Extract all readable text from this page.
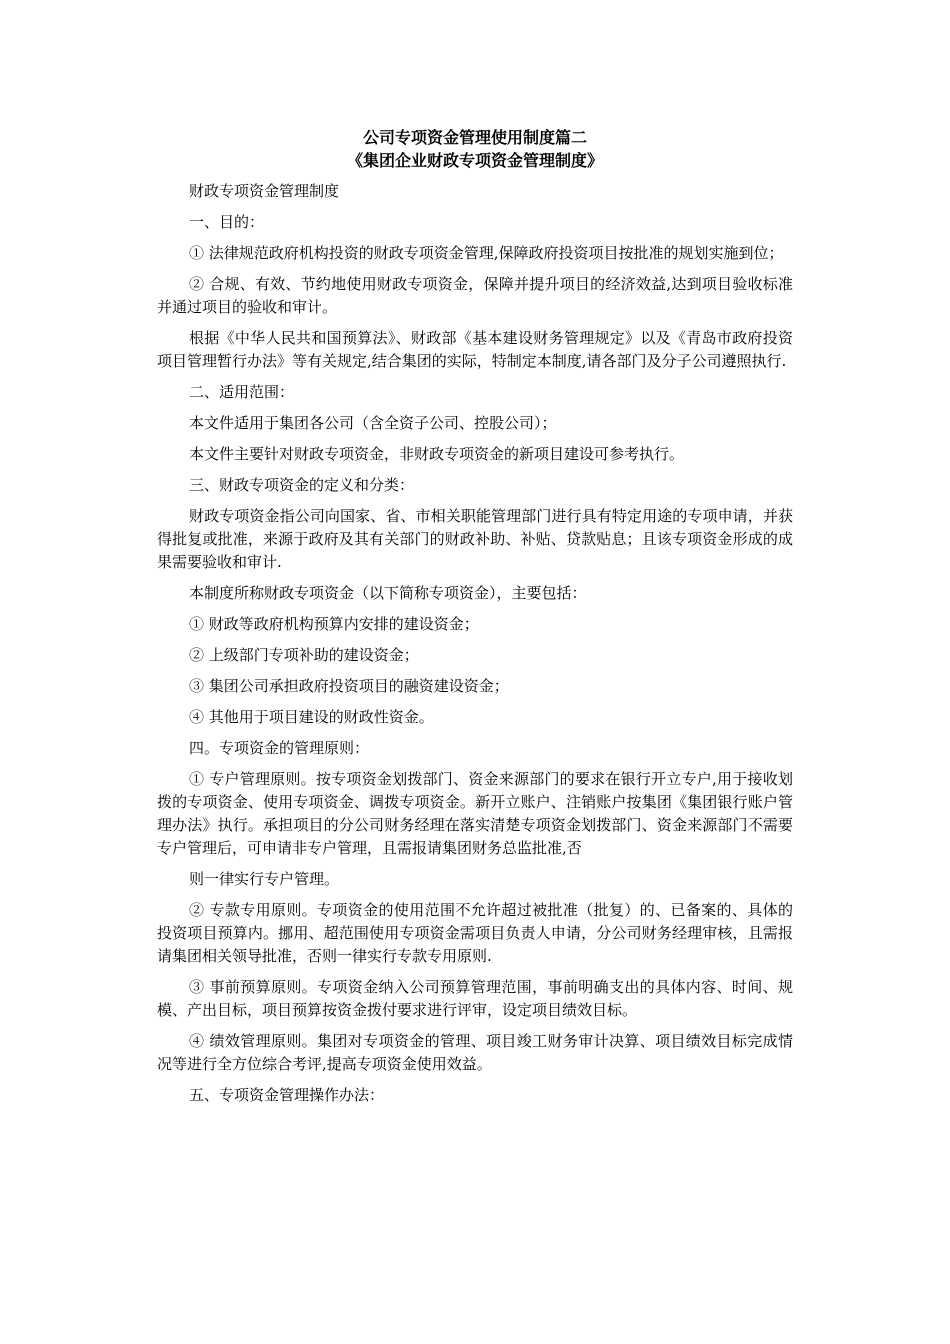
公司专项资金管理使用制度篇二
《集团企业财政专项资金管理制度》

财政专项资金管理制度

一、目的：

① 法律规范政府机构投资的财政专项资金管理,保障政府投资项目按批准的规划实施到位；

② 合规、有效、节约地使用财政专项资金，保障并提升项目的经济效益,达到项目验收标准并通过项目的验收和审计。

根据《中华人民共和国预算法》、财政部《基本建设财务管理规定》以及《青岛市政府投资项目管理暂行办法》等有关规定,结合集团的实际，特制定本制度,请各部门及分子公司遵照执行.

二、适用范围：

本文件适用于集团各公司（含全资子公司、控股公司）；

本文件主要针对财政专项资金，非财政专项资金的新项目建设可参考执行。

三、财政专项资金的定义和分类：

财政专项资金指公司向国家、省、市相关职能管理部门进行具有特定用途的专项申请，并获得批复或批准，来源于政府及其有关部门的财政补助、补贴、贷款贴息；且该专项资金形成的成果需要验收和审计.

本制度所称财政专项资金（以下简称专项资金），主要包括：

① 财政等政府机构预算内安排的建设资金；

② 上级部门专项补助的建设资金；

③ 集团公司承担政府投资项目的融资建设资金；

④ 其他用于项目建设的财政性资金。

四。专项资金的管理原则：

① 专户管理原则。按专项资金划拨部门、资金来源部门的要求在银行开立专户,用于接收划拨的专项资金、使用专项资金、调拨专项资金。新开立账户、注销账户按集团《集团银行账户管理办法》执行。承担项目的分公司财务经理在落实清楚专项资金划拨部门、资金来源部门不需要专户管理后，可申请非专户管理，且需报请集团财务总监批准,否

则一律实行专户管理。

② 专款专用原则。专项资金的使用范围不允许超过被批准（批复）的、已备案的、具体的投资项目预算内。挪用、超范围使用专项资金需项目负责人申请，分公司财务经理审核，且需报请集团相关领导批准，否则一律实行专款专用原则.

③ 事前预算原则。专项资金纳入公司预算管理范围，事前明确支出的具体内容、时间、规模、产出目标，项目预算按资金拨付要求进行评审，设定项目绩效目标。

④ 绩效管理原则。集团对专项资金的管理、项目竣工财务审计决算、项目绩效目标完成情况等进行全方位综合考评,提高专项资金使用效益。

五、专项资金管理操作办法：
